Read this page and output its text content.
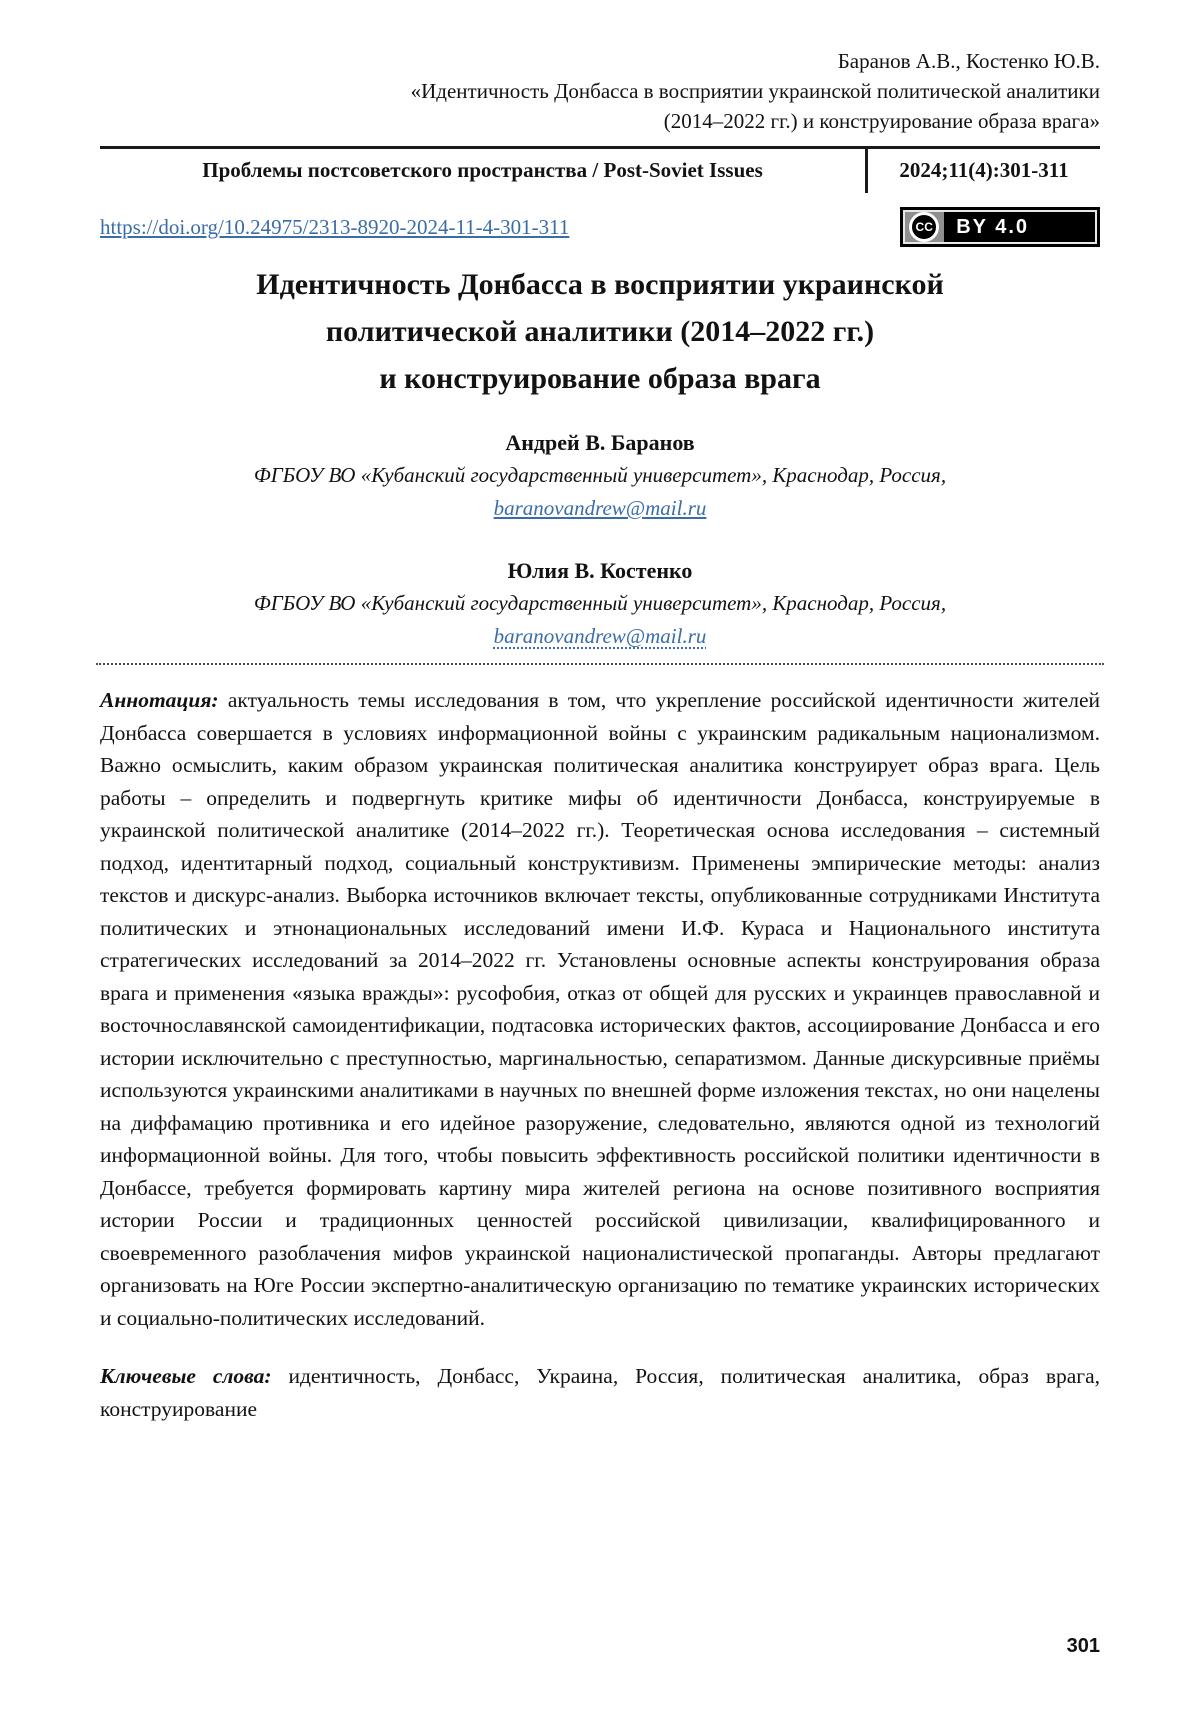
Баранов А.В., Костенко Ю.В.
«Идентичность Донбасса в восприятии украинской политической аналитики
(2014–2022 гг.) и конструирование образа врага»
Проблемы постсоветского пространства / Post-Soviet Issues	2024;11(4):301-311
https://doi.org/10.24975/2313-8920-2024-11-4-301-311	CC	BY 4.0
Идентичность Донбасса в восприятии украинской
политической аналитики (2014–2022 гг.)
и конструирование образа врага
Андрей В. Баранов
ФГБОУ ВО «Кубанский государственный университет», Краснодар, Россия,
baranovandrew@mail.ru
Юлия В. Костенко
ФГБОУ ВО «Кубанский государственный университет», Краснодар, Россия,
baranovandrew@mail.ru

Аннотация: актуальность темы исследования в том, что укрепление российской идентичности жителей Донбасса совершается в условиях информационной войны с украинским радикальным национализмом. Важно осмыслить, каким образом украинская политическая аналитика конструирует образ врага. Цель работы – определить и подвергнуть критике мифы об идентичности Донбасса, конструируемые в украинской политической аналитике (2014–2022 гг.). Теоретическая основа исследования – системный подход, идентитарный подход, социальный конструктивизм. Применены эмпирические методы: анализ текстов и дискурс-анализ. Выборка источников включает тексты, опубликованные сотрудниками Института политических и этнонациональных исследований имени И.Ф. Кураса и Национального института стратегических исследований за 2014–2022 гг. Установлены основные аспекты конструирования образа врага и применения «языка вражды»: русофобия, отказ от общей для русских и украинцев православной и восточнославянской самоидентификации, подтасовка исторических фактов, ассоциирование Донбасса и его истории исключительно с преступностью, маргинальностью, сепаратизмом. Данные дискурсивные приёмы используются украинскими аналитиками в научных по внешней форме изложения текстах, но они нацелены на диффамацию противника и его идейное разоружение, следовательно, являются одной из технологий информационной войны. Для того, чтобы повысить эффективность российской политики идентичности в Донбассе, требуется формировать картину мира жителей региона на основе позитивного восприятия истории России и традиционных ценностей российской цивилизации, квалифицированного и своевременного разоблачения мифов украинской националистической пропаганды. Авторы предлагают организовать на Юге России экспертно-аналитическую организацию по тематике украинских исторических и социально-политических исследований.

Ключевые слова: идентичность, Донбасс, Украина, Россия, политическая аналитика, образ врага, конструирование

301
